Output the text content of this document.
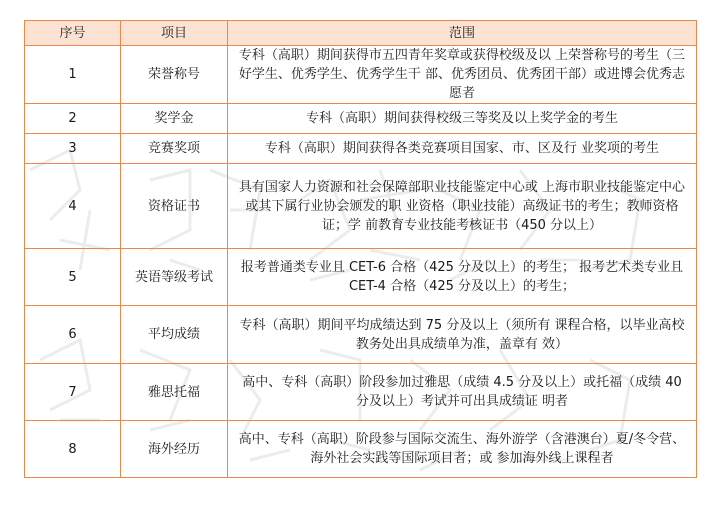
序号	项目	范围
1	荣誉称号	专科（高职）期间获得市五四青年奖章或获得校级及以 上荣誉称号的考生（三好学生、优秀学生、优秀学生干 部、优秀团员、优秀团干部）或进博会优秀志愿者
2	奖学金	专科（高职）期间获得校级三等奖及以上奖学金的考生
3	竞赛奖项	专科（高职）期间获得各类竞赛项目国家、市、区及行 业奖项的考生
4	资格证书	具有国家人力资源和社会保障部职业技能鉴定中心或 上海市职业技能鉴定中心或其下属行业协会颁发的职 业资格（职业技能）高级证书的考生；教师资格证；学 前教育专业技能考核证书（450 分以上）
5	英语等级考试	报考普通类专业且 CET-6 合格（425 分及以上）的考生； 报考艺术类专业且 CET-4 合格（425 分及以上）的考生；
6	平均成绩	专科（高职）期间平均成绩达到 75 分及以上（须所有 课程合格，以毕业高校教务处出具成绩单为准，盖章有 效）
7	雅思托福	高中、专科（高职）阶段参加过雅思（成绩 4.5 分及以上）或托福（成绩 40 分及以上）考试并可出具成绩证 明者
8	海外经历	高中、专科（高职）阶段参与国际交流生、海外游学（含港澳台）夏/冬令营、海外社会实践等国际项目者；或 参加海外线上课程者
